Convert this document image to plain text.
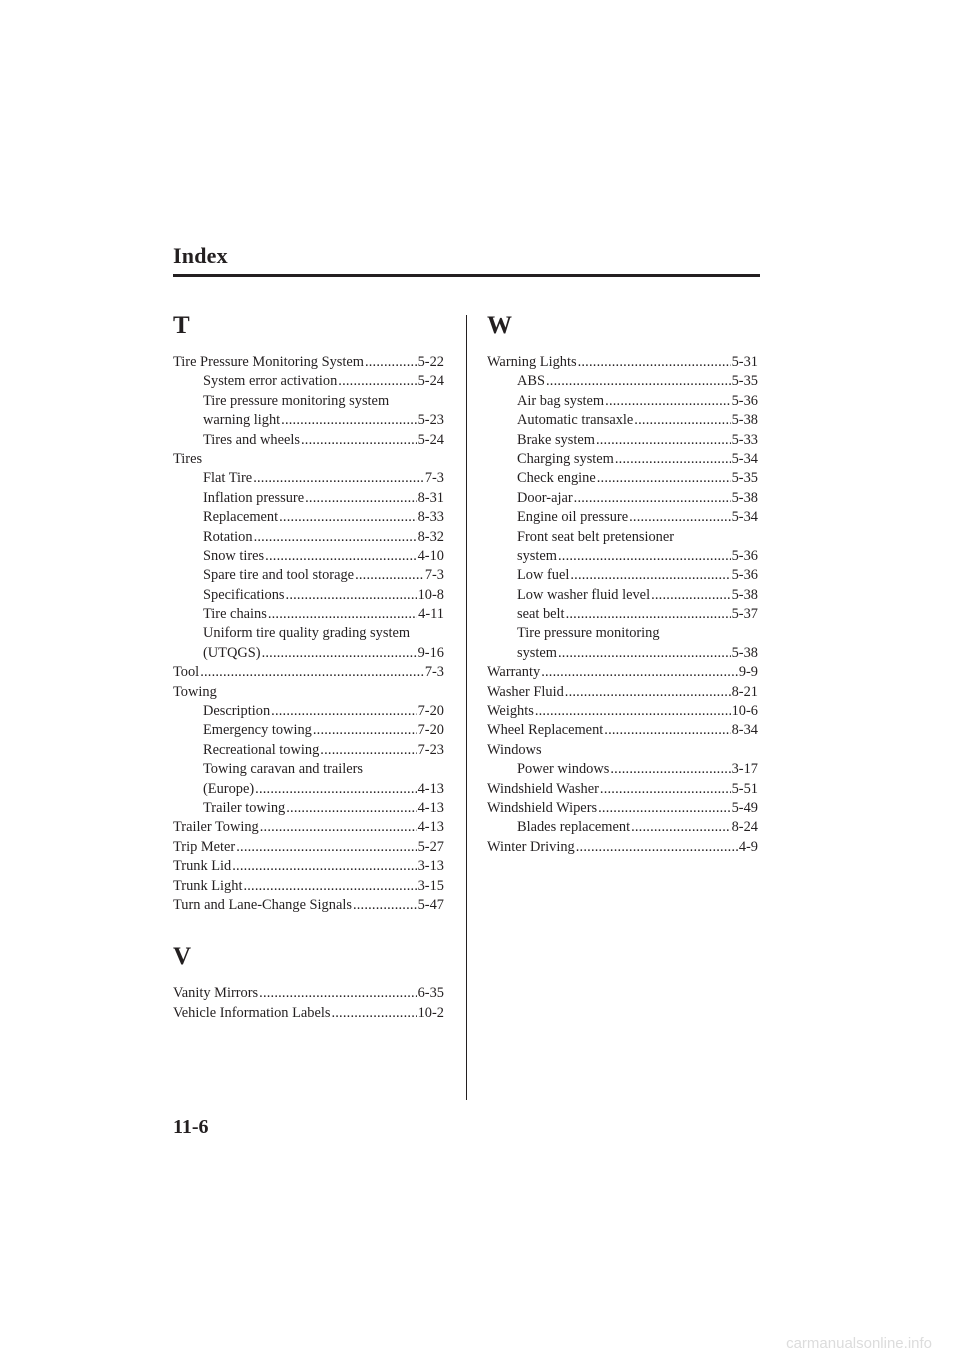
Index
T
Tire Pressure Monitoring System .....	5-22
System error activation .....	5-24
Tire pressure monitoring system
warning light .....	5-23
Tires and wheels .....	5-24
Tires
Flat Tire .....	7-3
Inflation pressure .....	8-31
Replacement .....	8-33
Rotation .....	8-32
Snow tires .....	4-10
Spare tire and tool storage .....	7-3
Specifications .....	10-8
Tire chains .....	4-11
Uniform tire quality grading system
(UTQGS) .....	9-16
Tool .....	7-3
Towing
Description .....	7-20
Emergency towing .....	7-20
Recreational towing .....	7-23
Towing caravan and trailers
(Europe) .....	4-13
Trailer towing .....	4-13
Trailer Towing .....	4-13
Trip Meter .....	5-27
Trunk Lid .....	3-13
Trunk Light .....	3-15
Turn and Lane-Change Signals .....	5-47
V
Vanity Mirrors .....	6-35
Vehicle Information Labels .....	10-2
W
Warning Lights .....	5-31
ABS .....	5-35
Air bag system .....	5-36
Automatic transaxle .....	5-38
Brake system .....	5-33
Charging system .....	5-34
Check engine .....	5-35
Door-ajar .....	5-38
Engine oil pressure .....	5-34
Front seat belt pretensioner
system .....	5-36
Low fuel .....	5-36
Low washer fluid level .....	5-38
seat belt .....	5-37
Tire pressure monitoring
system .....	5-38
Warranty .....	9-9
Washer Fluid .....	8-21
Weights .....	10-6
Wheel Replacement .....	8-34
Windows
Power windows .....	3-17
Windshield Washer .....	5-51
Windshield Wipers .....	5-49
Blades replacement .....	8-24
Winter Driving .....	4-9
11-6
carmanualsonline.info
